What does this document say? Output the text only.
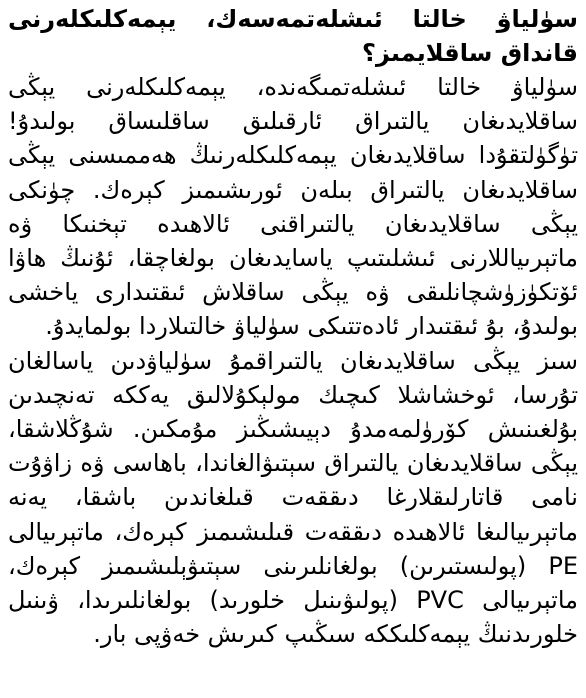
سۈلياۋ خالتا ئىشلەتمەسەك، يېمەكلىكلەرنى قانداق ساقلايمىز؟

سۈلياۋ خالتا ئىشلەتمىگەندە، يېمەكلىكلەرنى يېڭى ساقلايدىغان يالتىراق ئارقىلىق ساقلىساق بولىدۇ! تۈگۈلتقۇدا ساقلايدىغان يېمەكلىكلەرنىڭ ھەممىسنى يېڭى ساقلايدىغان يالتىراق بىلەن ئورىشىمىز كېرەك. چۈنكى يېڭى ساقلايدىغان يالتىراقنى ئالاھىدە تېخنىكا ۋە ماتېرىياللارنى ئىشلىتىپ ياسايدىغان بولغاچقا، ئۇنىڭ ھاۋا ئۆتكۈزۈشچانلىقى ۋە يېڭى ساقلاش ئىقتىدارى ياخشى بولىدۇ، بۇ ئىقتىدار ئادەتتىكى سۈلياۋ خالتىلاردا بولمايدۇ.

سىز يېڭى ساقلايدىغان يالتىراقمۇ سۈلياۋدىن ياسالغان تۇرسا، ئوخشاشلا كىچىك مولېكۇلالىق يەككە تەنچىدىن بۇلغىنىش كۆرۈلمەمدۇ دېيىشىڭىز مۇمكىن. شۇڭلاشقا، يېڭى ساقلايدىغان يالتىراق سېتىۋالغاندا، باھاسى ۋە زاۋۇت نامى قاتارلىقلارغا دىققەت قىلغاندىن باشقا، يەنە ماتېرىيالىغا ئالاھىدە دىققەت قىلىشىمىز كېرەك، ماتېرىيالى PE (پولىستىرىن) بولغانلىرىنى سېتىۋېلىشىمىز كېرەك، ماتېرىيالى PVC (پولىۋىنىل خلورىد) بولغانلىرىدا، ۋىنىل خلورىدنىڭ يېمەكلىككە سىڭىپ كىرىش خەۋپى بار.
